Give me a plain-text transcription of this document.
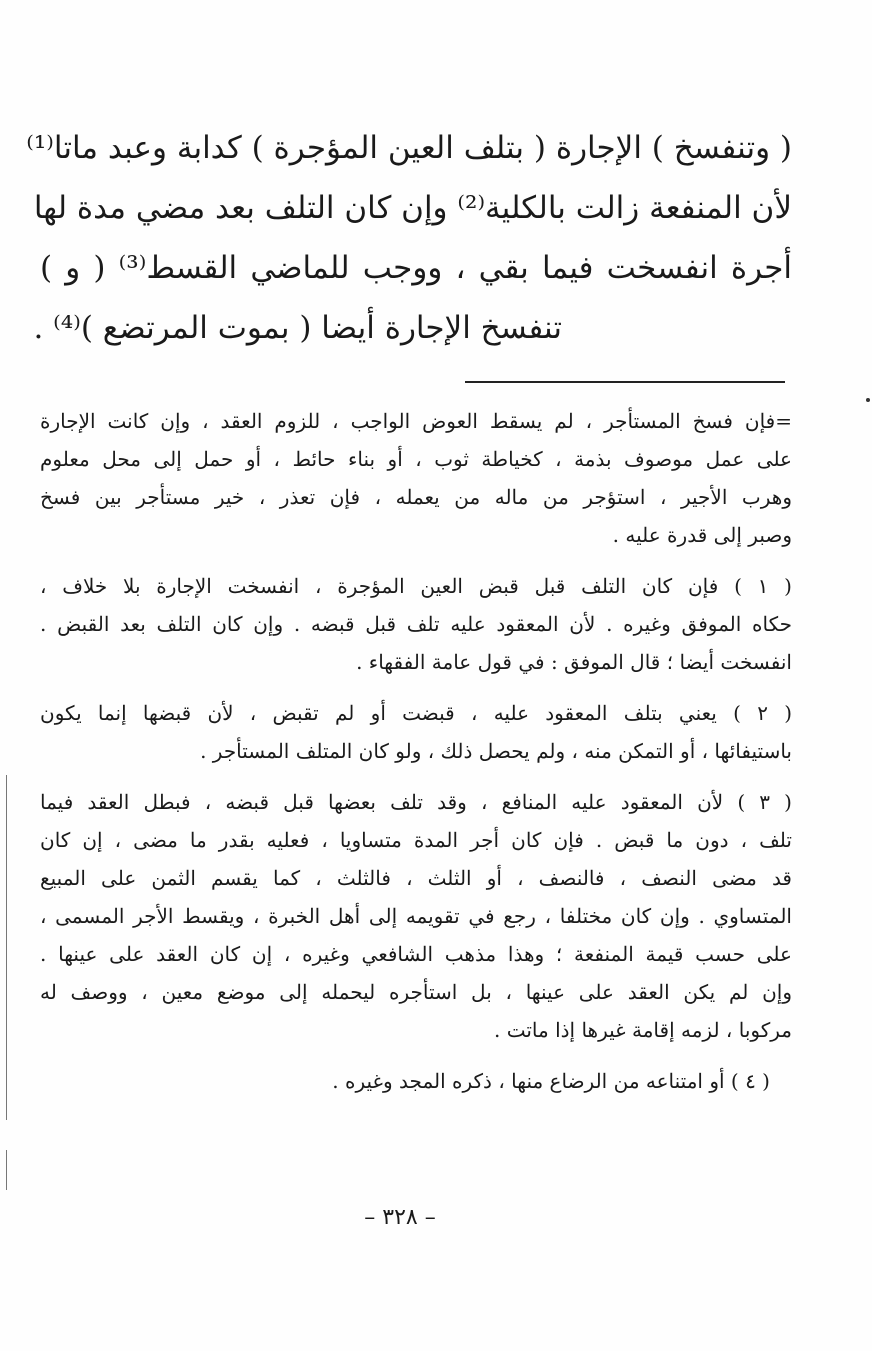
( وتنفسخ ) الإجارة ( بتلف العين المؤجرة ) كدابة وعبد ماتا⁽¹⁾
لأن المنفعة زالت بالكلية⁽²⁾ وإن كان التلف بعد مضي مدة لها
أجرة انفسخت فيما بقي ، ووجب للماضي القسط⁽³⁾ ( و )
تنفسخ الإجارة أيضا ( بموت المرتضع )⁽⁴⁾ .
=فإن فسخ المستأجر ، لم يسقط العوض الواجب ، للزوم العقد ، وإن كانت الإجارة
على عمل موصوف بذمة ، كخياطة ثوب ، أو بناء حائط ، أو حمل إلى محل معلوم
وهرب الأجير ، استؤجر من ماله من يعمله ، فإن تعذر ، خير مستأجر بين فسخ
وصبر إلى قدرة عليه .
( ١ ) فإن كان التلف قبل قبض العين المؤجرة ، انفسخت الإجارة بلا خلاف ،
حكاه الموفق وغيره . لأن المعقود عليه تلف قبل قبضه . وإن كان التلف بعد القبض .
انفسخت أيضا ؛ قال الموفق : في قول عامة الفقهاء .
( ٢ ) يعني بتلف المعقود عليه ، قبضت أو لم تقبض ، لأن قبضها إنما يكون
باستيفائها ، أو التمكن منه ، ولم يحصل ذلك ، ولو كان المتلف المستأجر .
( ٣ ) لأن المعقود عليه المنافع ، وقد تلف بعضها قبل قبضه ، فبطل العقد فيما
تلف ، دون ما قبض . فإن كان أجر المدة متساويا ، فعليه بقدر ما مضى ، إن كان
قد مضى النصف ، فالنصف ، أو الثلث ، فالثلث ، كما يقسم الثمن على المبيع
المتساوي . وإن كان مختلفا ، رجع في تقويمه إلى أهل الخبرة ، ويقسط الأجر المسمى ،
على حسب قيمة المنفعة ؛ وهذا مذهب الشافعي وغيره ، إن كان العقد على عينها .
وإن لم يكن العقد على عينها ، بل استأجره ليحمله إلى موضع معين ، ووصف له
مركوبا ، لزمه إقامة غيرها إذا ماتت .
( ٤ ) أو امتناعه من الرضاع منها ، ذكره المجد وغيره .
– ٣٢٨ –
